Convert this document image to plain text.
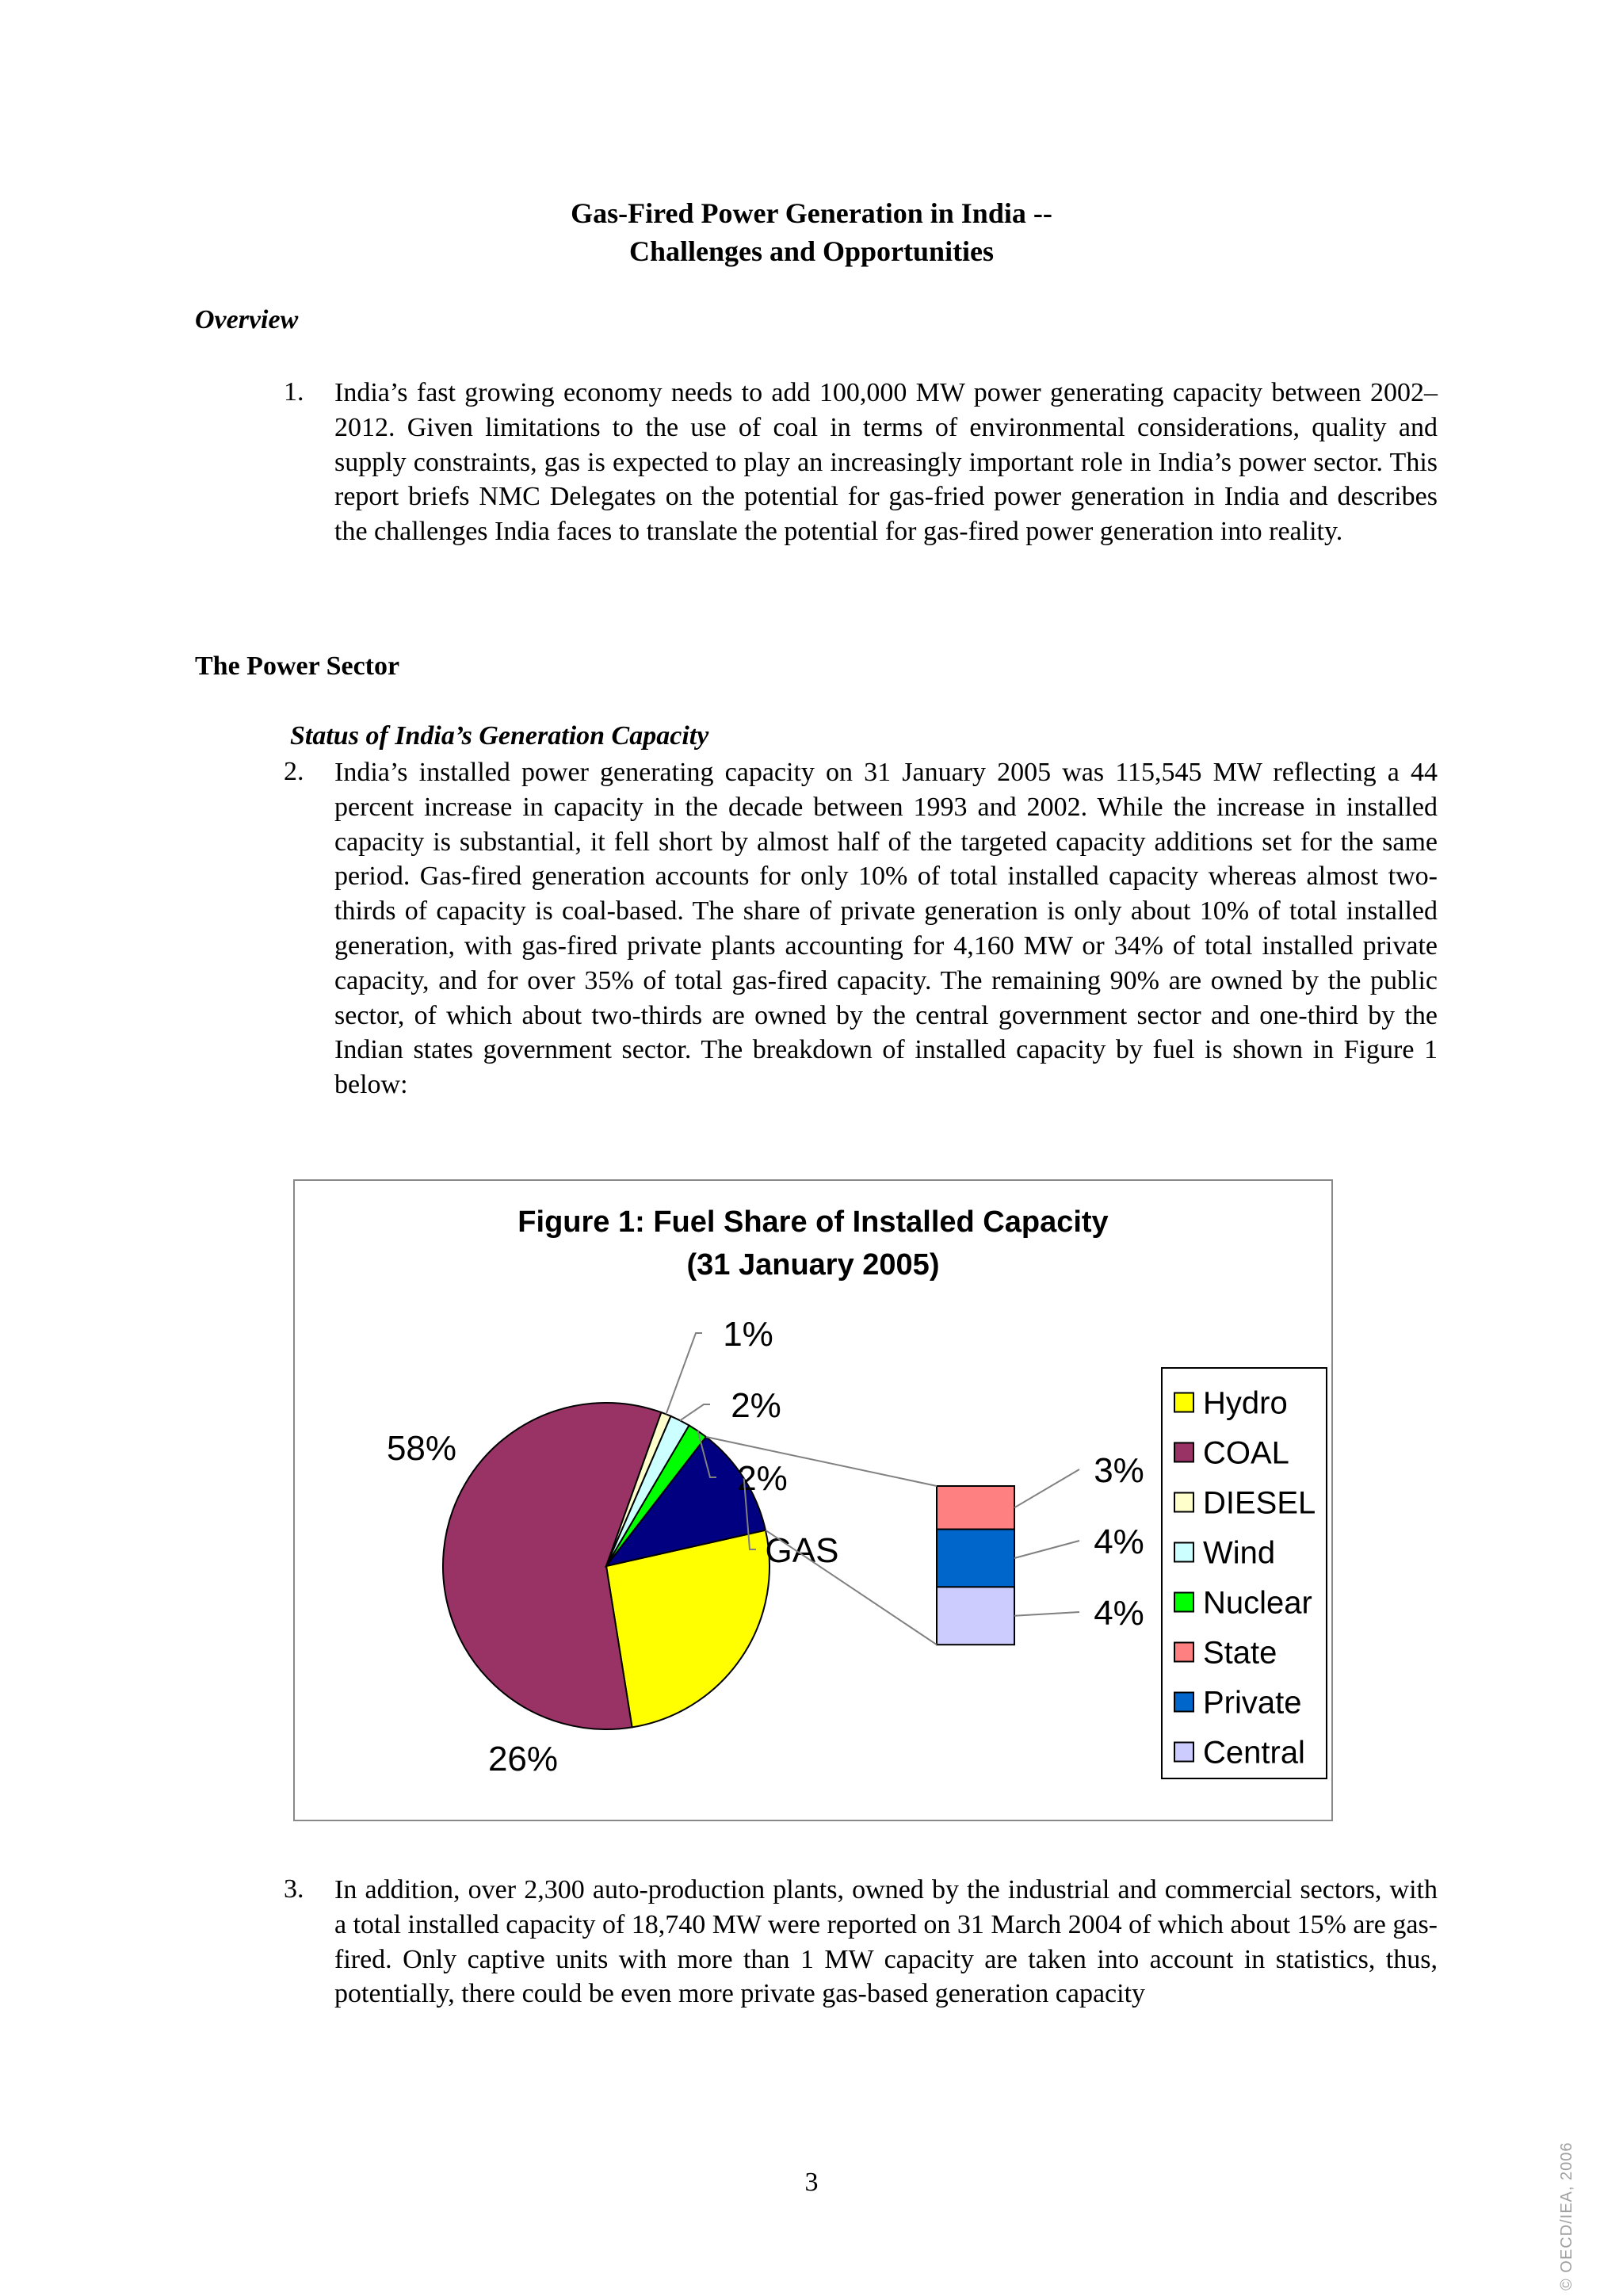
Gas-Fired Power Generation in India --
Challenges and Opportunities
Overview
1. India’s fast growing economy needs to add 100,000 MW power generating capacity between 2002–2012. Given limitations to the use of coal in terms of environmental considerations, quality and supply constraints, gas is expected to play an increasingly important role in India’s power sector. This report briefs NMC Delegates on the potential for gas-fried power generation in India and describes the challenges India faces to translate the potential for gas-fired power generation into reality.

The Power Sector
Status of India’s Generation Capacity
2. India’s installed power generating capacity on 31 January 2005 was 115,545 MW reflecting a 44 percent increase in capacity in the decade between 1993 and 2002. While the increase in installed capacity is substantial, it fell short by almost half of the targeted capacity additions set for the same period. Gas-fired generation accounts for only 10% of total installed capacity whereas almost two-thirds of capacity is coal-based. The share of private generation is only about 10% of total installed generation, with gas-fired private plants accounting for 4,160 MW or 34% of total installed private capacity, and for over 35% of total gas-fired capacity. The remaining 90% are owned by the public sector, of which about two-thirds are owned by the central government sector and one-third by the Indian states government sector. The breakdown of installed capacity by fuel is shown in Figure 1 below:

Figure 1: Fuel Share of Installed Capacity
(31 January 2005)
26%
58%
1%
2%
2%
GAS
3%
4%
4%
Hydro
COAL
DIESEL
Wind
Nuclear
State
Private
Central
3. In addition, over 2,300 auto-production plants, owned by the industrial and commercial sectors, with a total installed capacity of 18,740 MW were reported on 31 March 2004 of which about 15% are gas-fired. Only captive units with more than 1 MW capacity are taken into account in statistics, thus, potentially, there could be even more private gas-based generation capacity

3	© OECD/IEA, 2006
